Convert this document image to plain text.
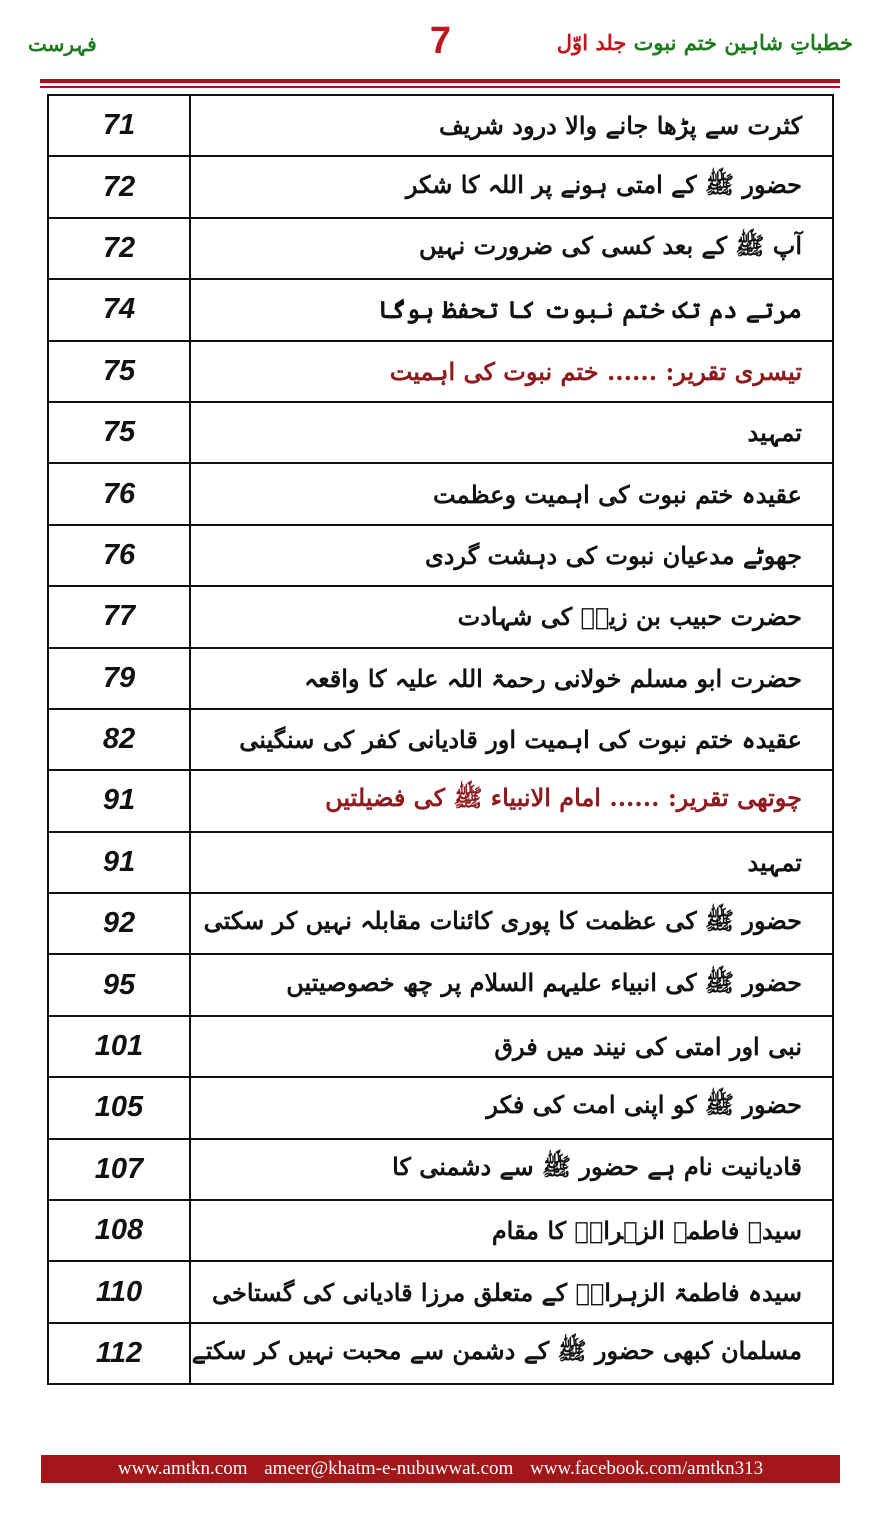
فہرست	7	خطباتِ شاہین ختم نبوت جلد اوّل
71	کثرت سے پڑھا جانے والا درود شریف
72	حضور ﷺ کے امتی ہونے پر اللہ کا شکر
72	آپ ﷺ کے بعد کسی کی ضرورت نہیں
74	مرتے دم تک ختم نبوت کا تحفظ ہوگا
75	تیسری تقریر: ...... ختم نبوت کی اہمیت
75	تمہید
76	عقیدہ ختم نبوت کی اہمیت وعظمت
76	جھوٹے مدعیان نبوت کی دہشت گردی
77	حضرت حبیب بن زیدؓ کی شہادت
79	حضرت ابو مسلم خولانی رحمۃ اللہ علیہ کا واقعہ
82	عقیدہ ختم نبوت کی اہمیت اور قادیانی کفر کی سنگینی
91	چوتھی تقریر: ...... امام الانبیاء ﷺ کی فضیلتیں
91	تمہید
92	حضور ﷺ کی عظمت کا پوری کائنات مقابلہ نہیں کر سکتی
95	حضور ﷺ کی انبیاء علیہم السلام پر چھ خصوصیتیں
101	نبی اور امتی کی نیند میں فرق
105	حضور ﷺ کو اپنی امت کی فکر
107	قادیانیت نام ہے حضور ﷺ سے دشمنی کا
108	سیدہ فاطمۃ الزہراءؓ کا مقام
110	سیدہ فاطمۃ الزہراءؓ کے متعلق مرزا قادیانی کی گستاخی
112	مسلمان کبھی حضور ﷺ کے دشمن سے محبت نہیں کر سکتے
www.amtkn.com ameer@khatm-e-nubuwwat.com www.facebook.com/amtkn313
